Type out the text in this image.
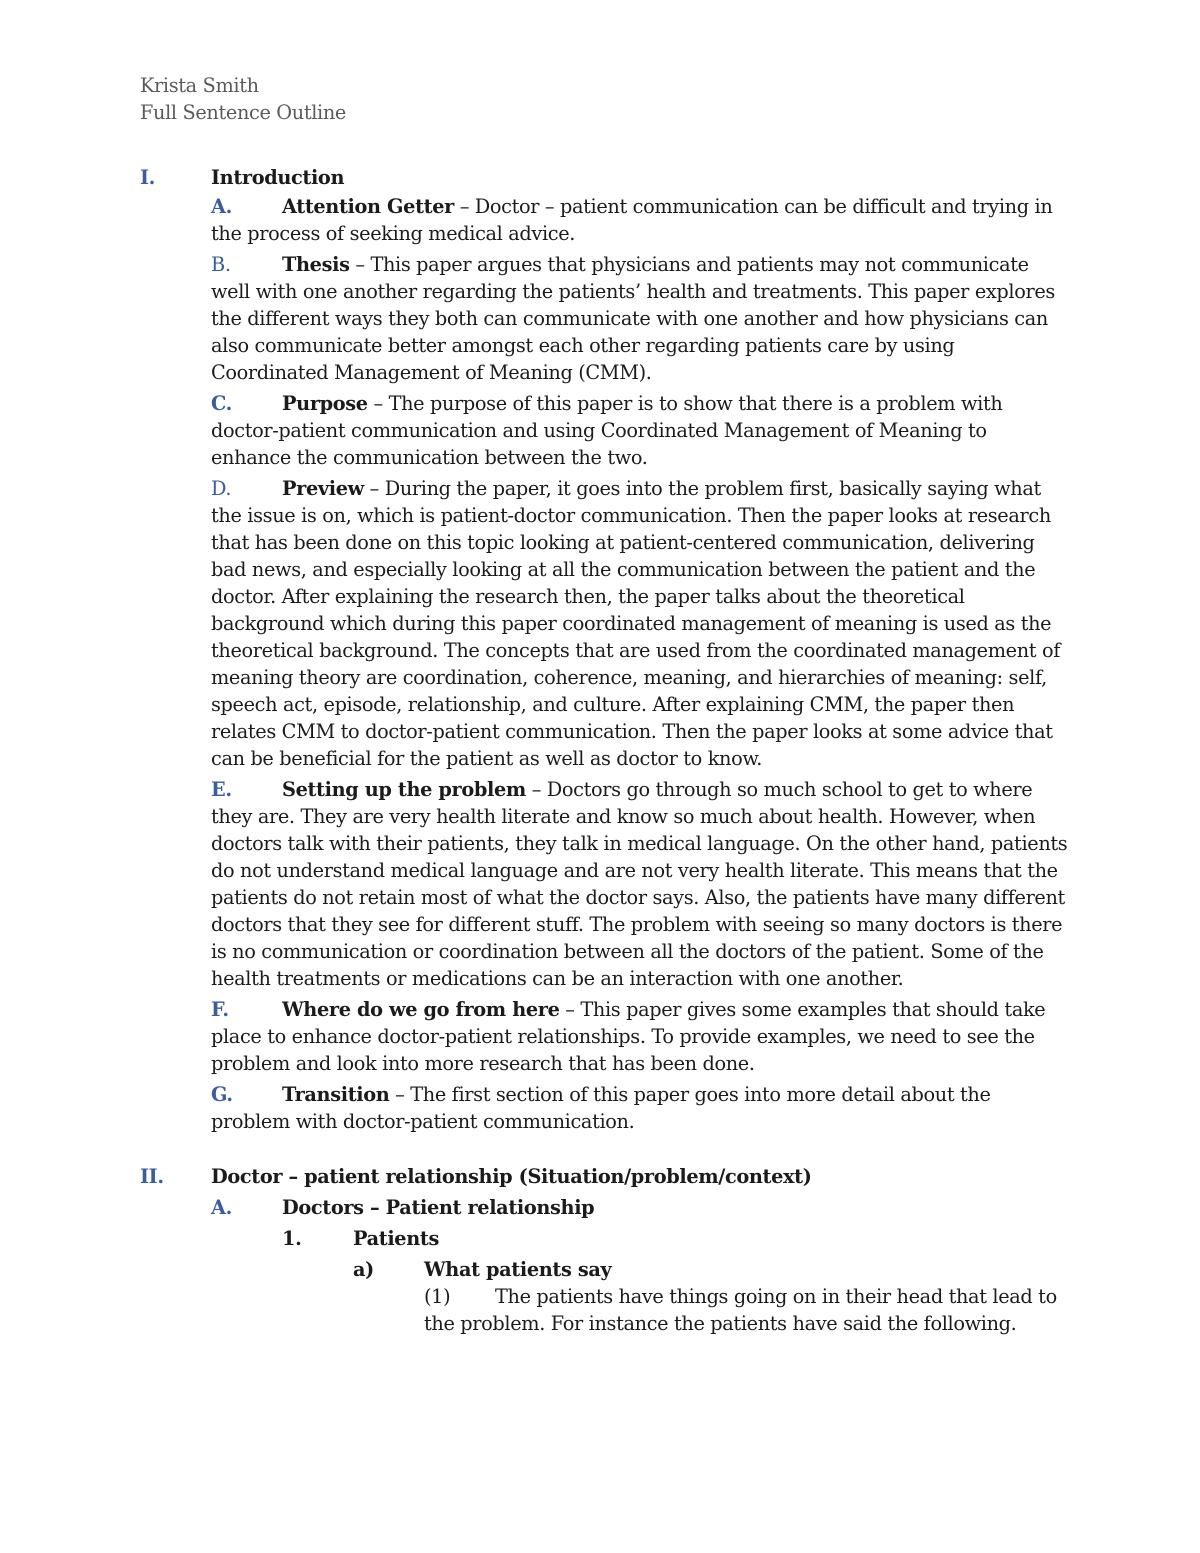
Krista Smith
Full Sentence Outline
I.	Introduction
A.	Attention Getter – Doctor – patient communication can be difficult and trying in the process of seeking medical advice.
B.	Thesis – This paper argues that physicians and patients may not communicate well with one another regarding the patients’ health and treatments. This paper explores the different ways they both can communicate with one another and how physicians can also communicate better amongst each other regarding patients care by using Coordinated Management of Meaning (CMM).
C.	Purpose – The purpose of this paper is to show that there is a problem with doctor-patient communication and using Coordinated Management of Meaning to enhance the communication between the two.
D.	Preview – During the paper, it goes into the problem first, basically saying what the issue is on, which is patient-doctor communication. Then the paper looks at research that has been done on this topic looking at patient-centered communication, delivering bad news, and especially looking at all the communication between the patient and the doctor. After explaining the research then, the paper talks about the theoretical background which during this paper coordinated management of meaning is used as the theoretical background. The concepts that are used from the coordinated management of meaning theory are coordination, coherence, meaning, and hierarchies of meaning: self, speech act, episode, relationship, and culture. After explaining CMM, the paper then relates CMM to doctor-patient communication. Then the paper looks at some advice that can be beneficial for the patient as well as doctor to know.
E.	Setting up the problem – Doctors go through so much school to get to where they are. They are very health literate and know so much about health. However, when doctors talk with their patients, they talk in medical language. On the other hand, patients do not understand medical language and are not very health literate. This means that the patients do not retain most of what the doctor says. Also, the patients have many different doctors that they see for different stuff. The problem with seeing so many doctors is there is no communication or coordination between all the doctors of the patient. Some of the health treatments or medications can be an interaction with one another.
F.	Where do we go from here – This paper gives some examples that should take place to enhance doctor-patient relationships. To provide examples, we need to see the problem and look into more research that has been done.
G.	Transition – The first section of this paper goes into more detail about the problem with doctor-patient communication.
II.	Doctor – patient relationship (Situation/problem/context)
A.	Doctors – Patient relationship
1.	Patients
a)	What patients say
(1) The patients have things going on in their head that lead to the problem. For instance the patients have said the following.
